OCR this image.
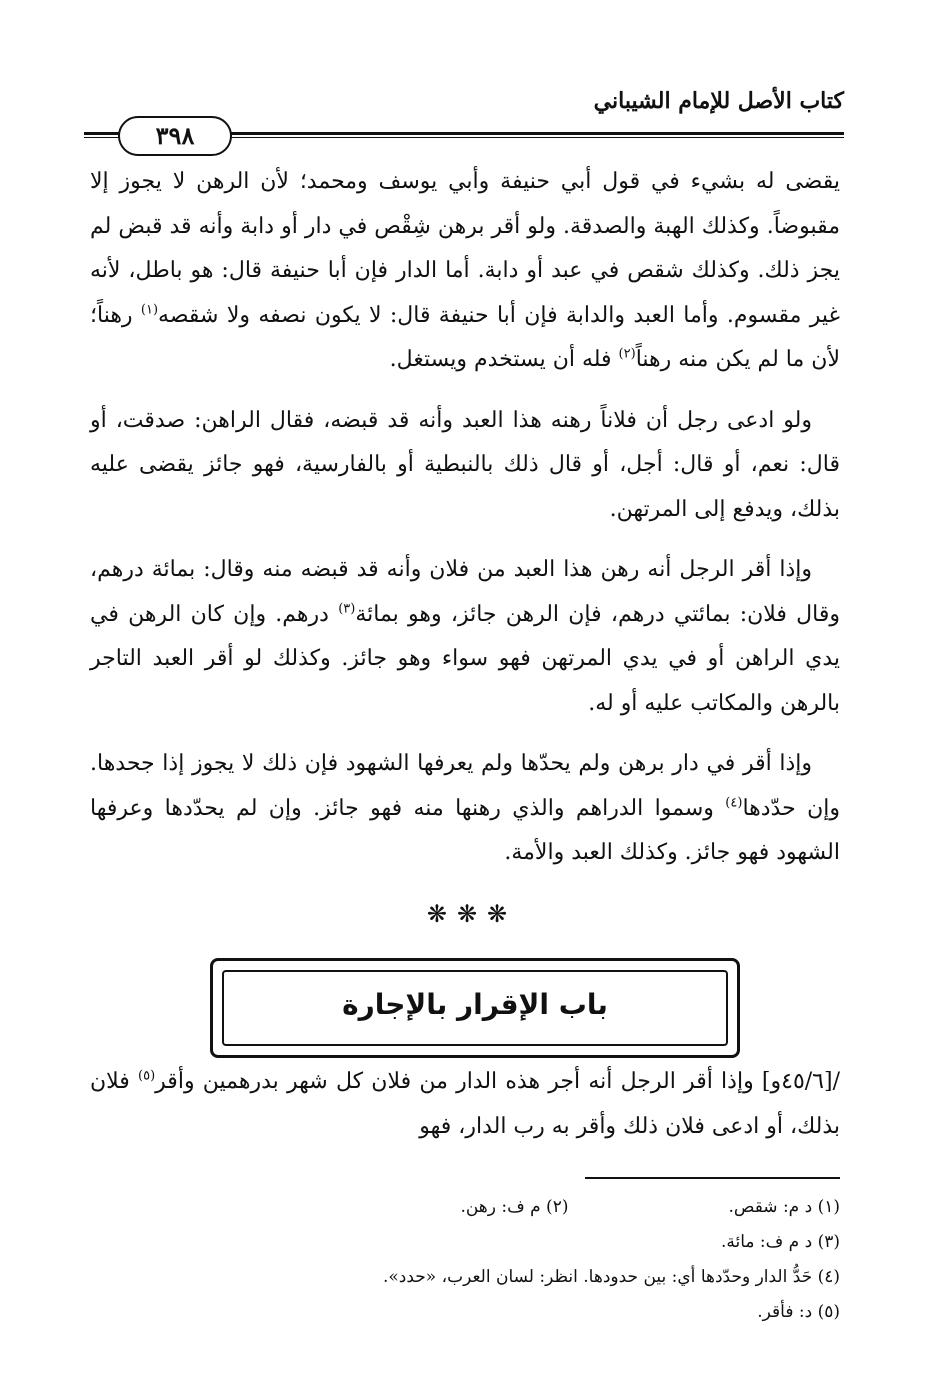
كتاب الأصل للإمام الشيباني
٣٩٨

يقضى له بشيء في قول أبي حنيفة وأبي يوسف ومحمد؛ لأن الرهن لا يجوز إلا مقبوضاً. وكذلك الهبة والصدقة. ولو أقر برهن شِقْص في دار أو دابة وأنه قد قبض لم يجز ذلك. وكذلك شقص في عبد أو دابة. أما الدار فإن أبا حنيفة قال: هو باطل، لأنه غير مقسوم. وأما العبد والدابة فإن أبا حنيفة قال: لا يكون نصفه ولا شقصه$^{(١)}$ رهناً؛ لأن ما لم يكن منه رهناً$^{(٢)}$ فله أن يستخدم ويستغل.

ولو ادعى رجل أن فلاناً رهنه هذا العبد وأنه قد قبضه، فقال الراهن: صدقت، أو قال: نعم، أو قال: أجل، أو قال ذلك بالنبطية أو بالفارسية، فهو جائز يقضى عليه بذلك، ويدفع إلى المرتهن.

وإذا أقر الرجل أنه رهن هذا العبد من فلان وأنه قد قبضه منه وقال: بمائة درهم، وقال فلان: بمائتي درهم، فإن الرهن جائز، وهو بمائة$^{(٣)}$ درهم. وإن كان الرهن في يدي الراهن أو في يدي المرتهن فهو سواء وهو جائز. وكذلك لو أقر العبد التاجر بالرهن والمكاتب عليه أو له.

وإذا أقر في دار برهن ولم يحدّها ولم يعرفها الشهود فإن ذلك لا يجوز إذا جحدها. وإن حدّدها$^{(٤)}$ وسموا الدراهم والذي رهنها منه فهو جائز. وإن لم يحدّدها وعرفها الشهود فهو جائز. وكذلك العبد والأمة.

❋❋❋
باب الإقرار بالإجارة

/[٤٥/٦و] وإذا أقر الرجل أنه أجر هذه الدار من فلان كل شهر بدرهمين وأقر$^{(٥)}$ فلان بذلك، أو ادعى فلان ذلك وأقر به رب الدار، فهو

(١) د م: شقص.
(٢) م ف: رهن.
(٣) د م ف: مائة.
(٤) حَدُّ الدار وحدّدها أي: بين حدودها. انظر: لسان العرب، «حدد».
(٥) د: فأقر.
